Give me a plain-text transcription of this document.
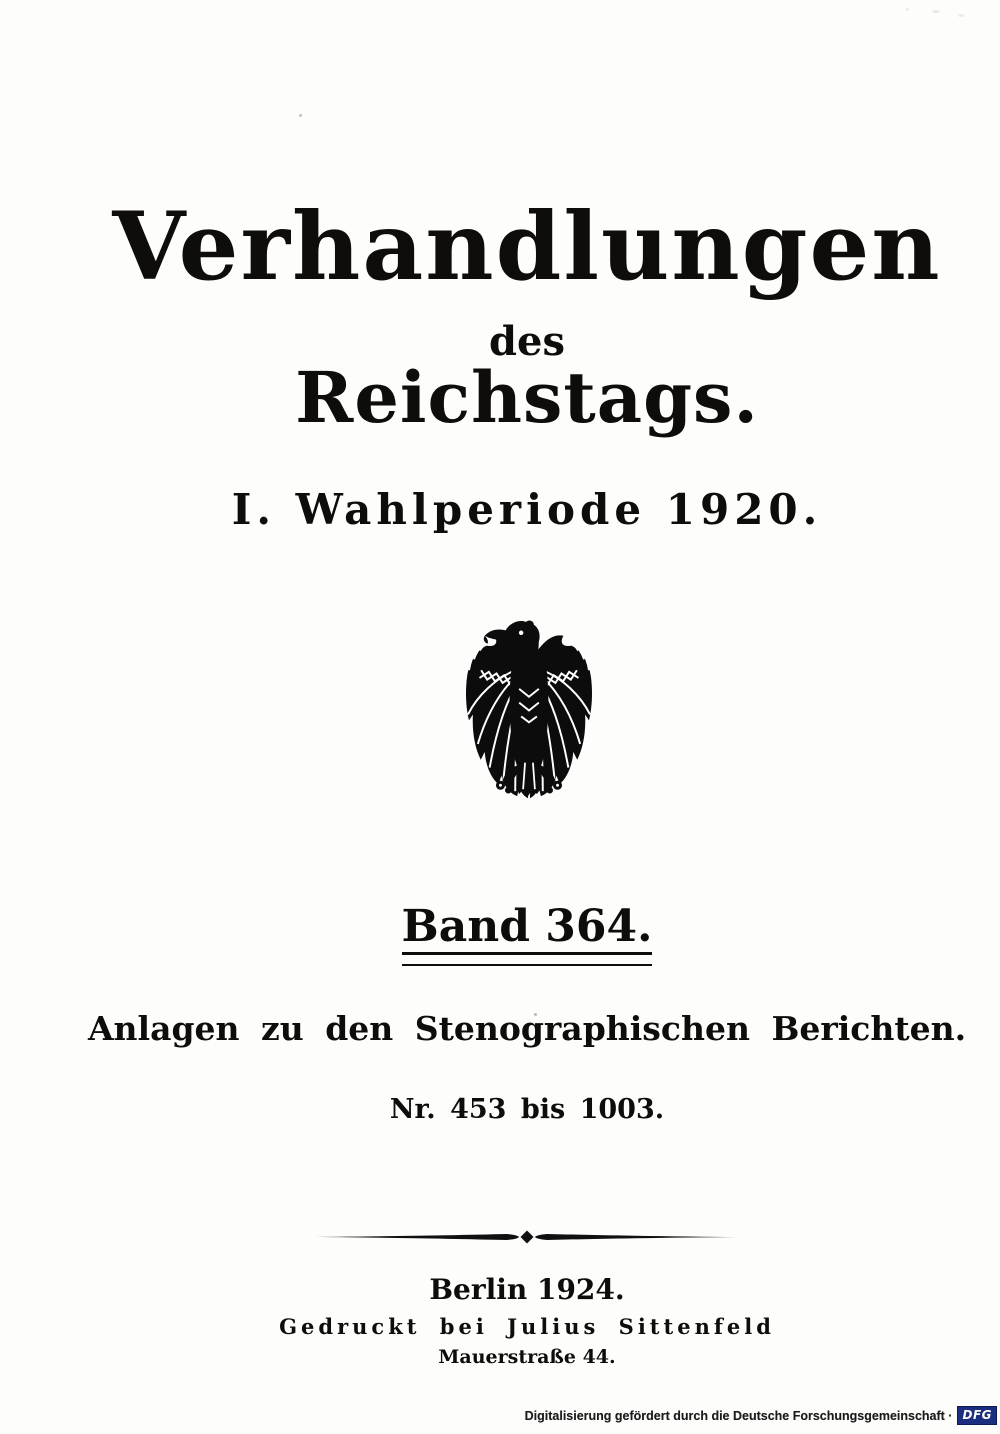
Verhandlungen
des
Reichstags.
I. Wahlperiode 1920.
Band 364.
Anlagen zu den Stenographischen Berichten.
Nr. 453 bis 1003.
Berlin 1924.
Gedruckt bei Julius Sittenfeld
Mauerstraße 44.
Digitalisierung gefördert durch die Deutsche Forschungsgemeinschaft · DFG
